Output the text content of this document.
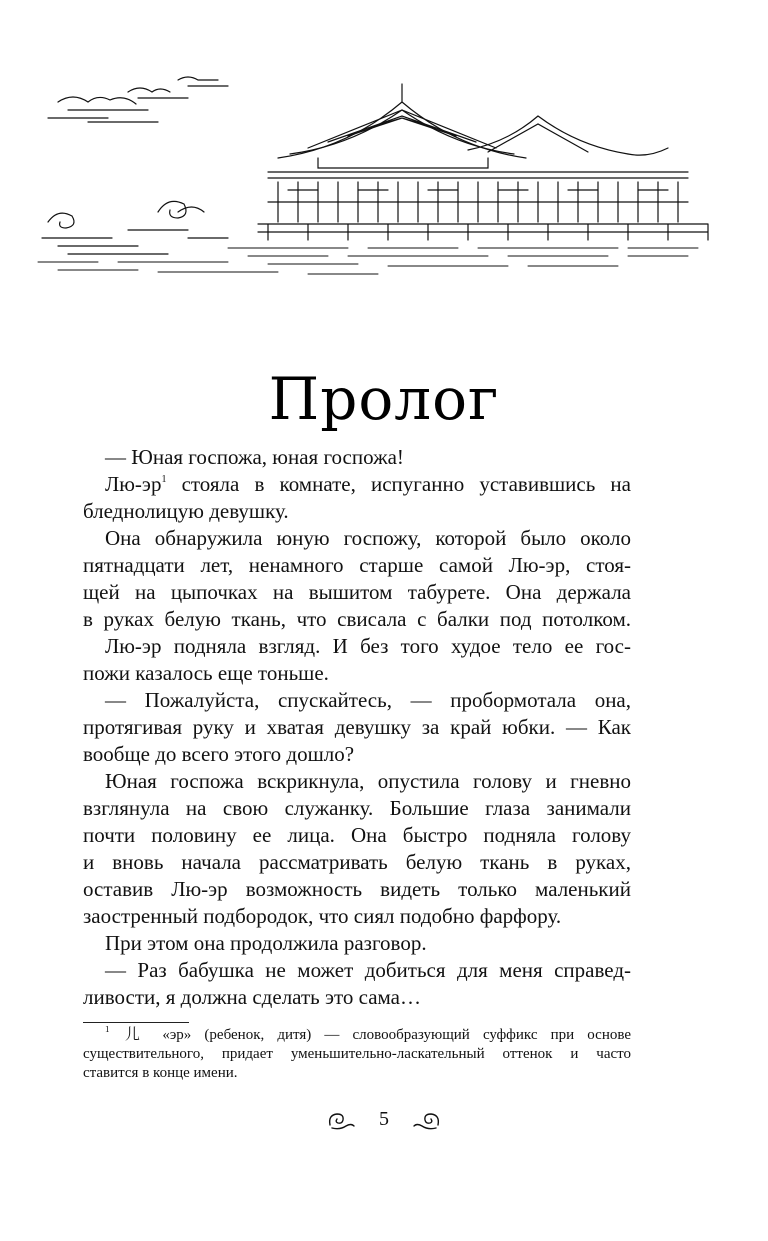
Пролог
— Юная госпожа, юная госпожа!
Лю-эр$^1$ стояла в комнате, испуганно уставившись на
бледнолицую девушку.
Она обнаружила юную госпожу, которой было около
пятнадцати лет, ненамного старше самой Лю-эр, стоя-
щей на цыпочках на вышитом табурете. Она держала
в руках белую ткань, что свисала с балки под потолком.
Лю-эр подняла взгляд. И без того худое тело ее гос-
пожи казалось еще тоньше.
— Пожалуйста, спускайтесь, — пробормотала она,
протягивая руку и хватая девушку за край юбки. — Как
вообще до всего этого дошло?
Юная госпожа вскрикнула, опустила голову и гневно
взглянула на свою служанку. Большие глаза занимали
почти половину ее лица. Она быстро подняла голову
и вновь начала рассматривать белую ткань в руках,
оставив Лю-эр возможность видеть только маленький
заостренный подбородок, что сиял подобно фарфору.
При этом она продолжила разговор.
— Раз бабушка не может добиться для меня справед-
ливости, я должна сделать это сама…
$^1$ 儿 «эр» (ребенок, дитя) — словообразующий суффикс при основе
существительного, придает уменьшительно-ласкательный оттенок и часто
ставится в конце имени.
5
